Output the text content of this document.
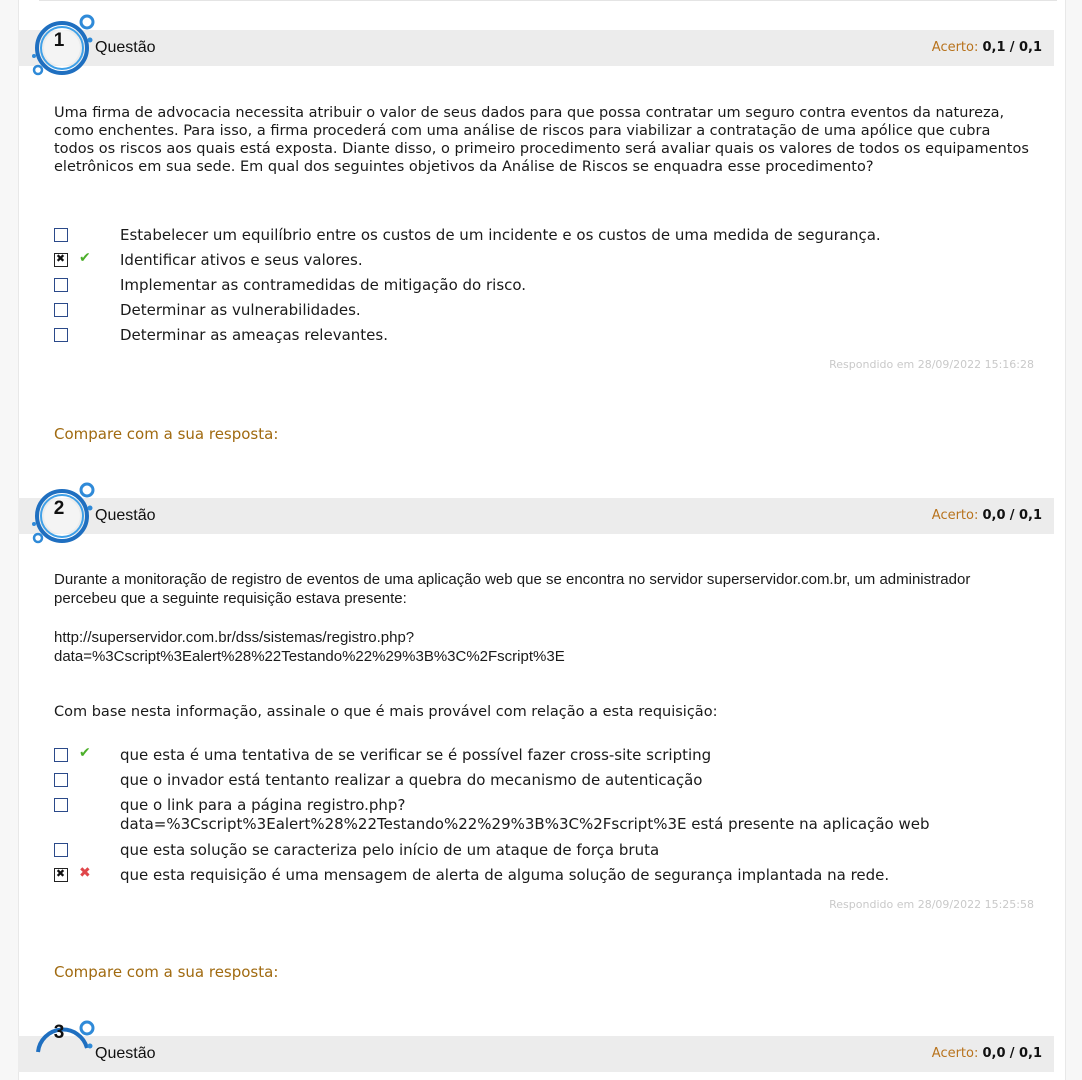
Questão	Acerto: 0,1 / 0,1
1
Uma firma de advocacia necessita atribuir o valor de seus dados para que possa contratar um seguro contra eventos da natureza, como enchentes. Para isso, a firma procederá com uma análise de riscos para viabilizar a contratação de uma apólice que cubra todos os riscos aos quais está exposta. Diante disso, o primeiro procedimento será avaliar quais os valores de todos os equipamentos eletrônicos em sua sede. Em qual dos seguintes objetivos da Análise de Riscos se enquadra esse procedimento?
Estabelecer um equilíbrio entre os custos de um incidente e os custos de uma medida de segurança.
✖
✔ Identificar ativos e seus valores.
Implementar as contramedidas de mitigação do risco.
Determinar as vulnerabilidades.
Determinar as ameaças relevantes.
Respondido em 28/09/2022 15:16:28
Compare com a sua resposta:
Questão	Acerto: 0,0 / 0,1
2
Durante a monitoração de registro de eventos de uma aplicação web que se encontra no servidor superservidor.com.br, um administrador percebeu que a seguinte requisição estava presente:
http://superservidor.com.br/dss/sistemas/registro.php?
data=%3Cscript%3Ealert%28%22Testando%22%29%3B%3C%2Fscript%3E
Com base nesta informação, assinale o que é mais provável com relação a esta requisição:
✔ que esta é uma tentativa de se verificar se é possível fazer cross-site scripting
que o invador está tentanto realizar a quebra do mecanismo de autenticação
que o link para a página registro.php?
data=%3Cscript%3Ealert%28%22Testando%22%29%3B%3C%2Fscript%3E está presente na aplicação web
que esta solução se caracteriza pelo início de um ataque de força bruta
✖
✖ que esta requisição é uma mensagem de alerta de alguma solução de segurança implantada na rede.
Respondido em 28/09/2022 15:25:58
Compare com a sua resposta:
Questão	Acerto: 0,0 / 0,1
3
